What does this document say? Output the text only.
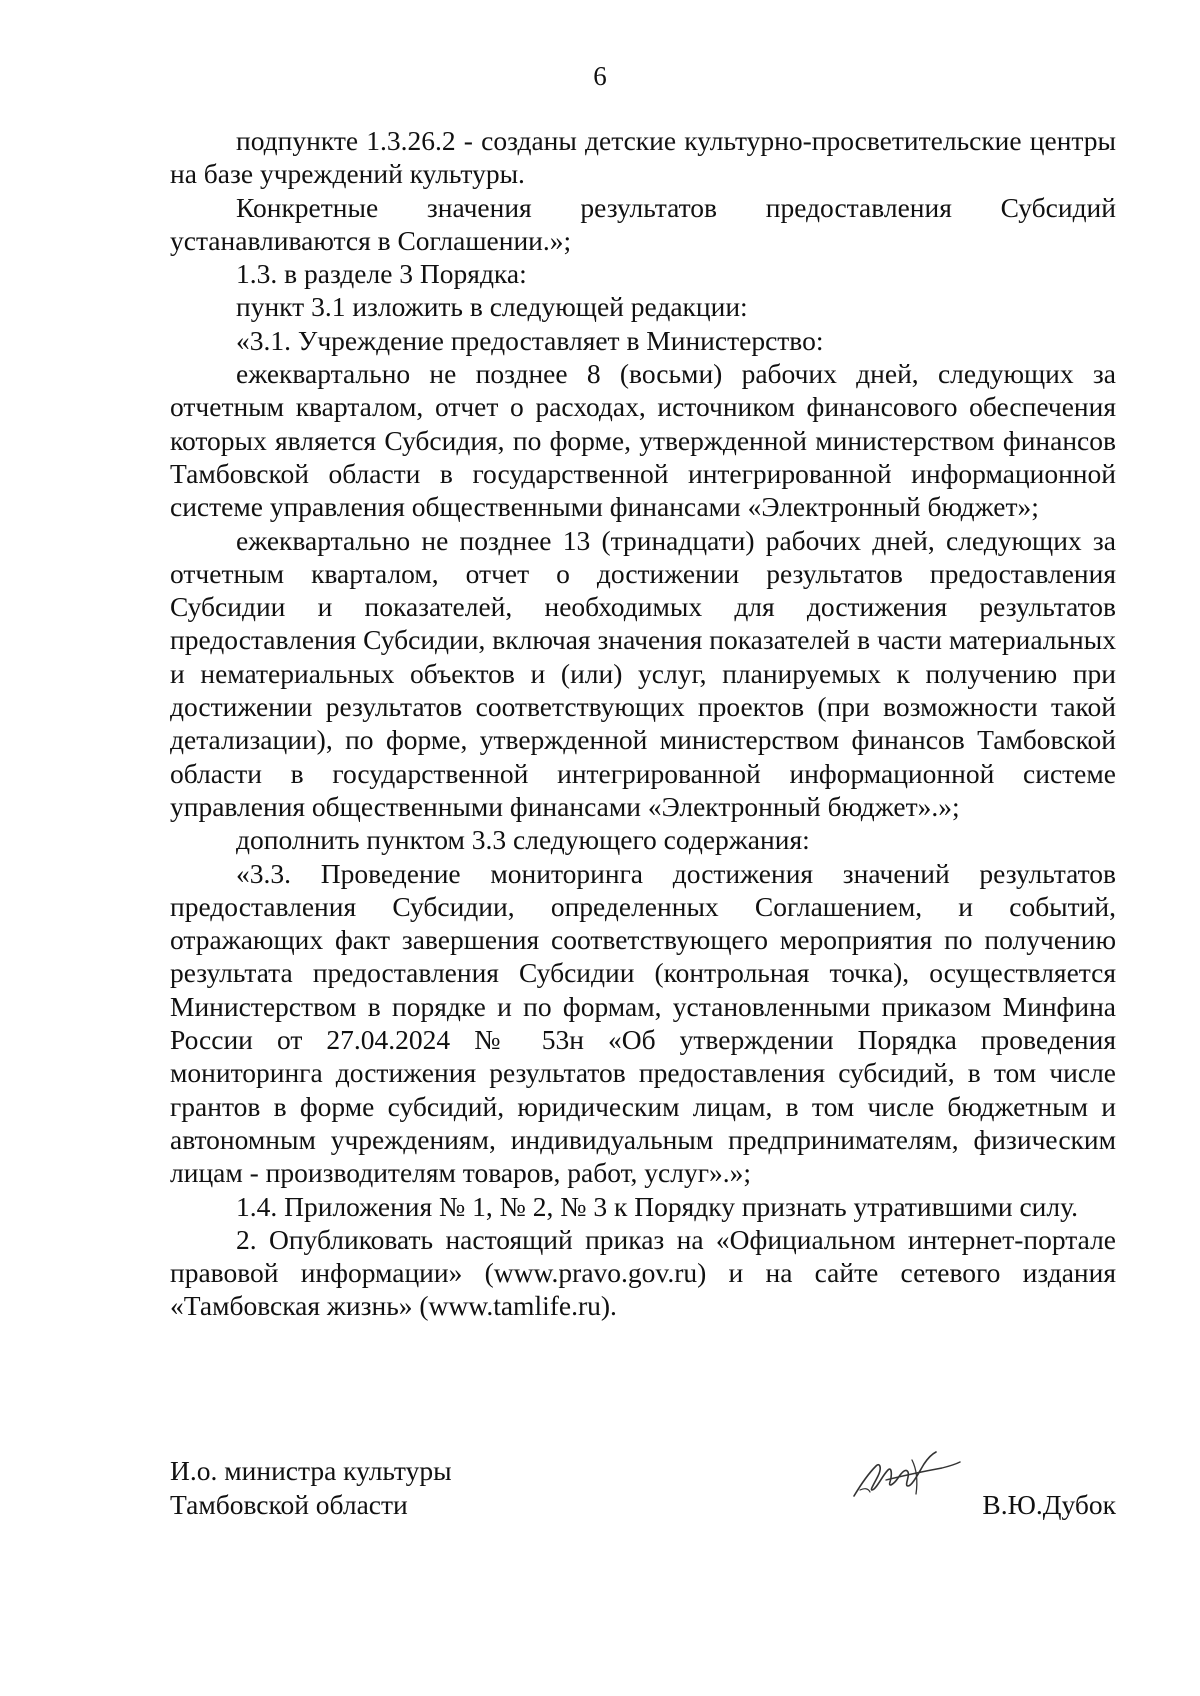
6

подпункте 1.3.26.2 - созданы детские культурно-просветительские центры на базе учреждений культуры.

Конкретные значения результатов предоставления Субсидий устанавливаются в Соглашении.»;

1.3. в разделе 3 Порядка:

пункт 3.1 изложить в следующей редакции:

«3.1. Учреждение предоставляет в Министерство:

ежеквартально не позднее 8 (восьми) рабочих дней, следующих за отчетным кварталом, отчет о расходах, источником финансового обеспечения которых является Субсидия, по форме, утвержденной министерством финансов Тамбовской области в государственной интегрированной информационной системе управления общественными финансами «Электронный бюджет»;

ежеквартально не позднее 13 (тринадцати) рабочих дней, следующих за отчетным кварталом, отчет о достижении результатов предоставления Субсидии и показателей, необходимых для достижения результатов предоставления Субсидии, включая значения показателей в части материальных и нематериальных объектов и (или) услуг, планируемых к получению при достижении результатов соответствующих проектов (при возможности такой детализации), по форме, утвержденной министерством финансов Тамбовской области в государственной интегрированной информационной системе управления общественными финансами «Электронный бюджет».»;

дополнить пунктом 3.3 следующего содержания:

«3.3. Проведение мониторинга достижения значений результатов предоставления Субсидии, определенных Соглашением, и событий, отражающих факт завершения соответствующего мероприятия по получению результата предоставления Субсидии (контрольная точка), осуществляется Министерством в порядке и по формам, установленными приказом Минфина России от 27.04.2024 № 53н «Об утверждении Порядка проведения мониторинга достижения результатов предоставления субсидий, в том числе грантов в форме субсидий, юридическим лицам, в том числе бюджетным и автономным учреждениям, индивидуальным предпринимателям, физическим лицам - производителям товаров, работ, услуг».»;

1.4. Приложения № 1, № 2, № 3 к Порядку признать утратившими силу.

2. Опубликовать настоящий приказ на «Официальном интернет-портале правовой информации» (www.pravo.gov.ru) и на сайте сетевого издания «Тамбовская жизнь» (www.tamlife.ru).

И.о. министра культуры
Тамбовской области	В.Ю.Дубок
